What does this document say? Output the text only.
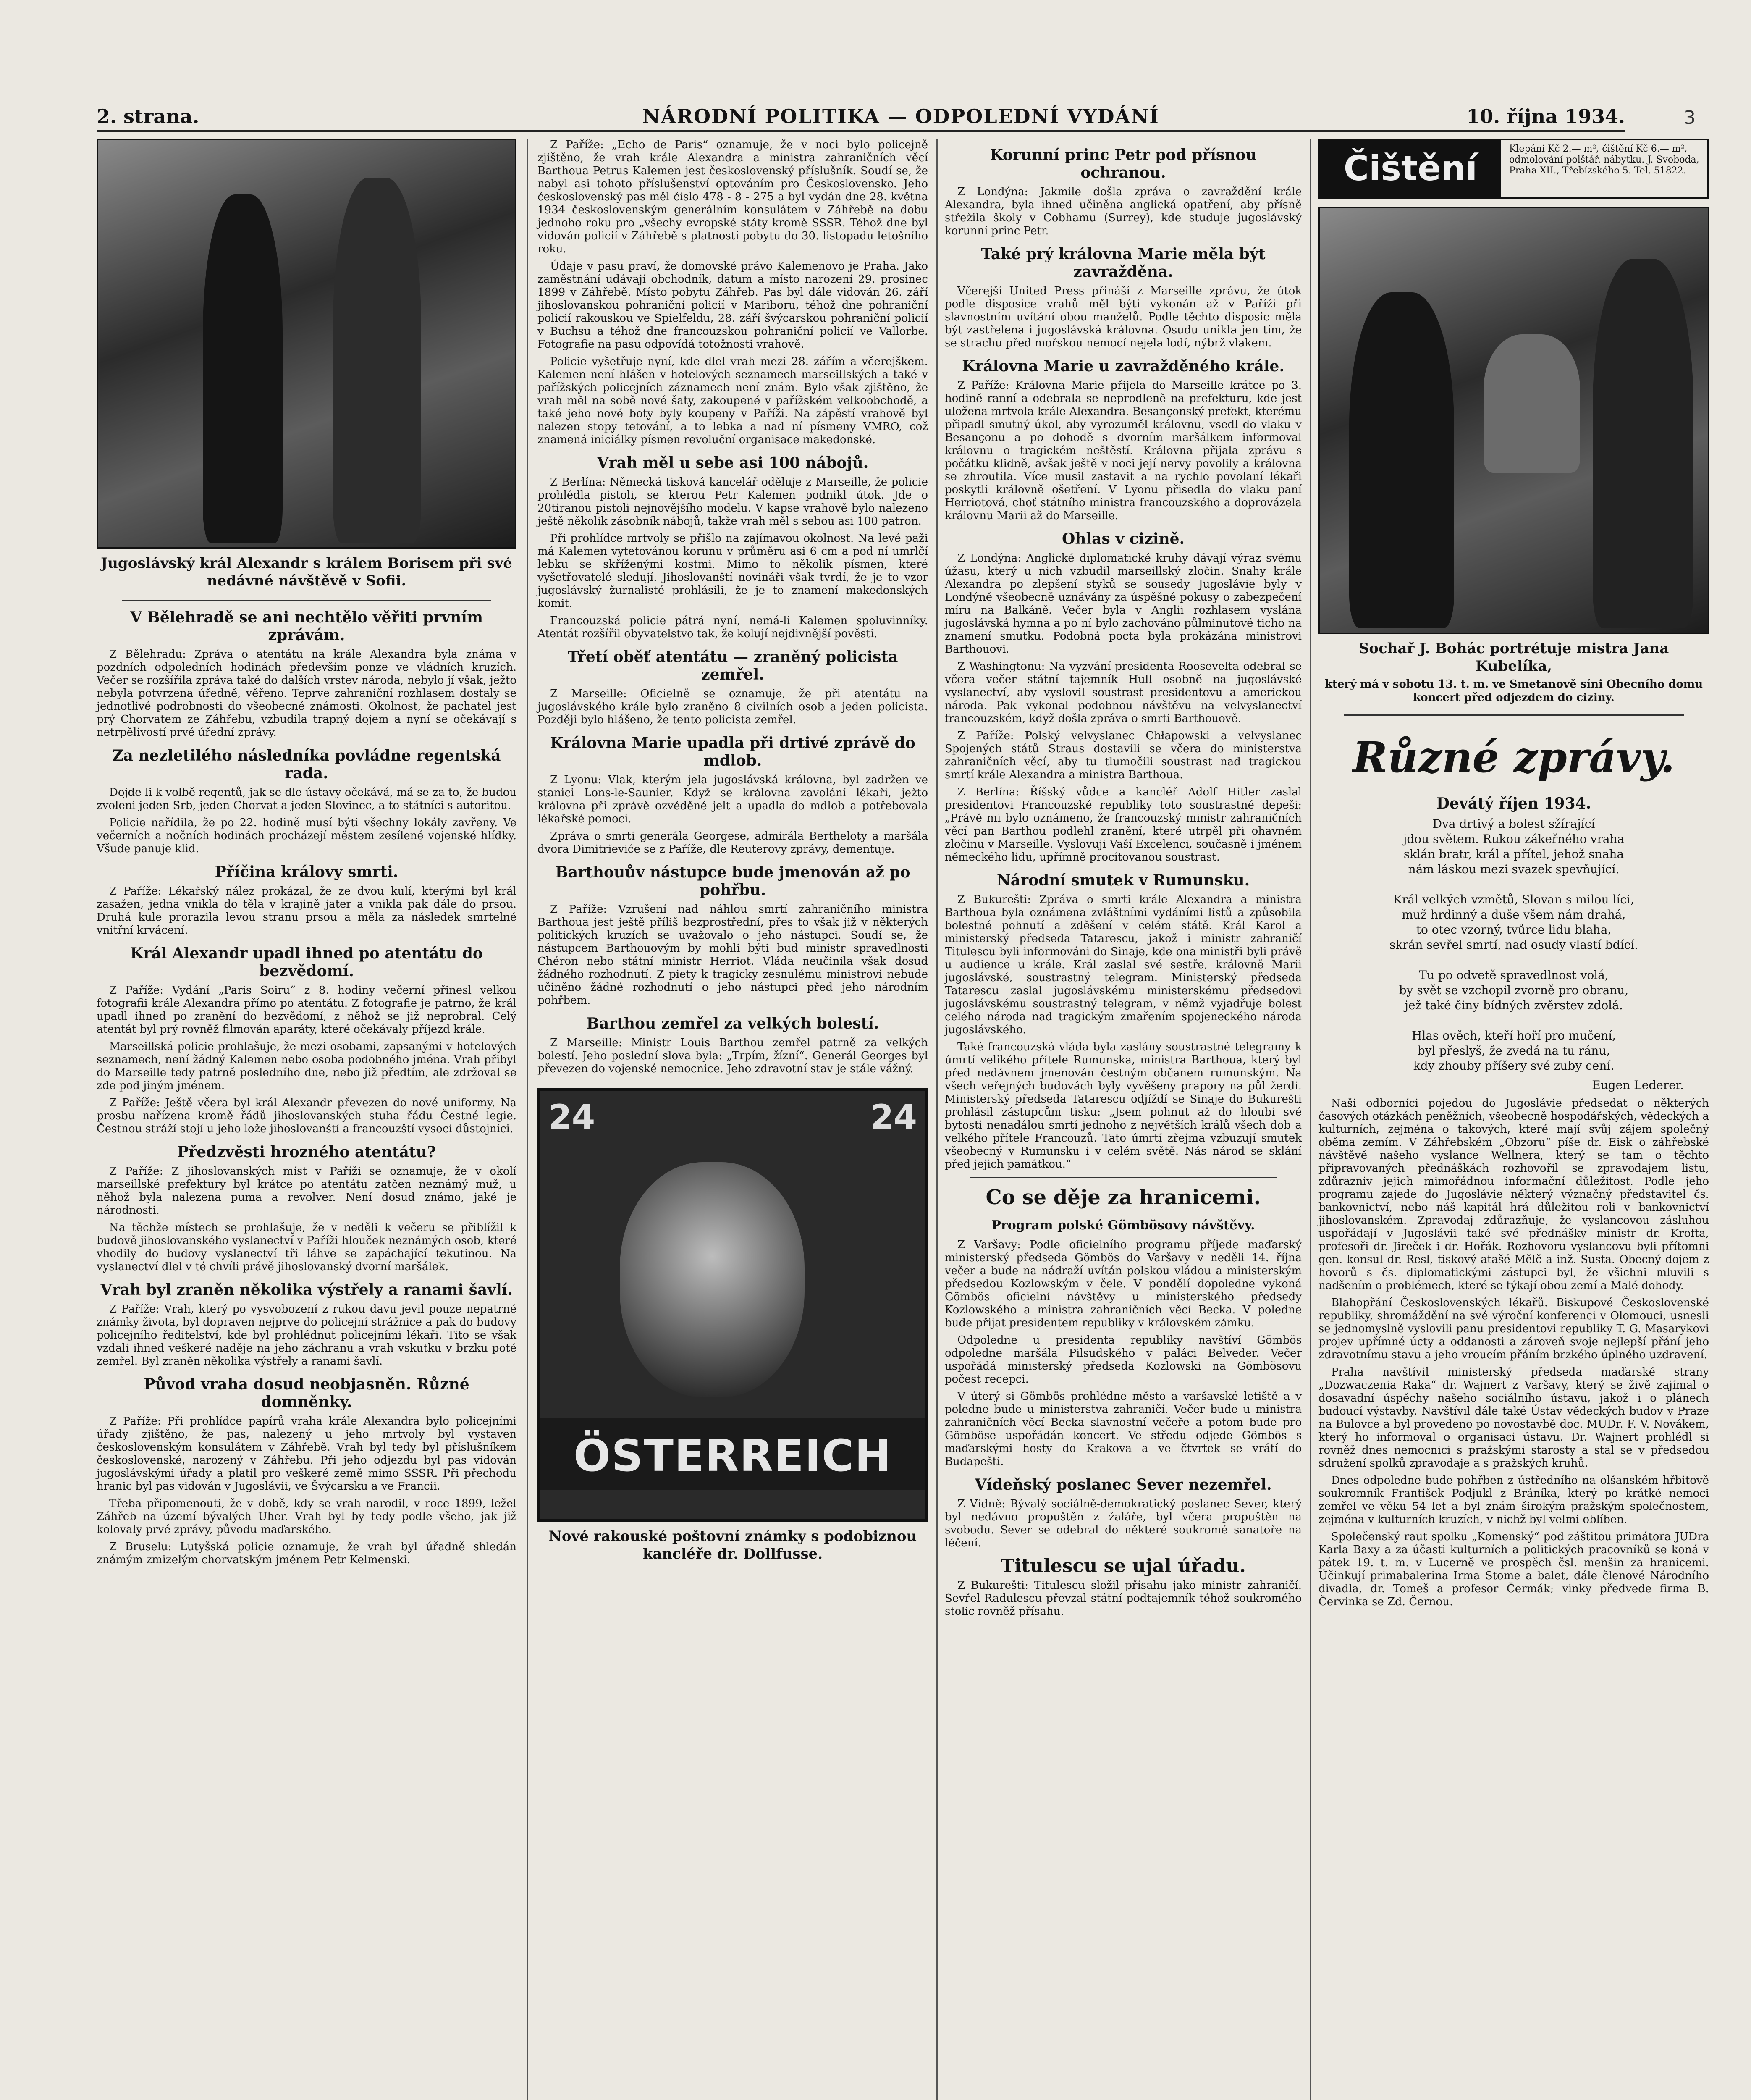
2. strana.	NÁRODNÍ POLITIKA — ODPOLEDNÍ VYDÁNÍ	10. října 1934.	3
Jugoslávský král Alexandr s králem Borisem při své nedávné návštěvě v Sofii.
V Bělehradě se ani nechtělo věřiti prvním zprávám.

Z Bělehradu: Zpráva o atentátu na krále Alexandra byla známa v pozdních odpoledních hodinách především ponze ve vládních kruzích. Večer se rozšířila zpráva také do dalších vrstev národa, nebylo jí však, ježto nebyla potvrzena úředně, věřeno. Teprve zahraniční rozhlasem dostaly se jednotlivé podrobnosti do všeobecné známosti. Okolnost, že pachatel jest prý Chorvatem ze Záhřebu, vzbudila trapný dojem a nyní se očekávají s netrpělivostí prvé úřední zprávy.

Za nezletilého následníka povládne regentská rada.

Dojde-li k volbě regentů, jak se dle ústavy očekává, má se za to, že budou zvoleni jeden Srb, jeden Chorvat a jeden Slovinec, a to státníci s autoritou.

Policie nařídila, že po 22. hodině musí býti všechny lokály zavřeny. Ve večerních a nočních hodinách procházejí městem zesílené vojenské hlídky. Všude panuje klid.

Příčina královy smrti.

Z Paříže: Lékařský nález prokázal, že ze dvou kulí, kterými byl král zasažen, jedna vnikla do těla v krajině jater a vnikla pak dále do prsou. Druhá kule prorazila levou stranu prsou a měla za následek smrtelné vnitřní krvácení.

Král Alexandr upadl ihned po atentátu do bezvědomí.

Z Paříže: Vydání „Paris Soiru“ z 8. hodiny večerní přinesl velkou fotografii krále Alexandra přímo po atentátu. Z fotografie je patrno, že král upadl ihned po zranění do bezvědomí, z něhož se již neprobral. Celý atentát byl prý rovněž filmován aparáty, které očekávaly příjezd krále.

Marseillská policie prohlašuje, že mezi osobami, zapsanými v hotelových seznamech, není žádný Kalemen nebo osoba podobného jména. Vrah přibyl do Marseille tedy patrně posledního dne, nebo již předtím, ale zdržoval se zde pod jiným jménem.

Z Paříže: Ještě včera byl král Alexandr převezen do nové uniformy. Na prosbu nařízena kromě řádů jihoslovanských stuha řádu Čestné legie. Čestnou stráží stojí u jeho lože jihoslovanští a francouzští vysocí důstojníci.

Předzvěsti hrozného atentátu?

Z Paříže: Z jihoslovanských míst v Paříži se oznamuje, že v okolí marseillské prefektury byl krátce po atentátu zatčen neznámý muž, u něhož byla nalezena puma a revolver. Není dosud známo, jaké je národnosti.

Na těchže místech se prohlašuje, že v neděli k večeru se přiblížil k budově jihoslovanského vyslanectví v Paříži hlouček neznámých osob, které vhodily do budovy vyslanectví tři láhve se zapáchající tekutinou. Na vyslanectví dlel v té chvíli právě jihoslovanský dvorní maršálek.

Vrah byl zraněn několika výstřely a ranami šavlí.

Z Paříže: Vrah, který po vysvobození z rukou davu jevil pouze nepatrné známky života, byl dopraven nejprve do policejní strážnice a pak do budovy policejního ředitelství, kde byl prohlédnut policejními lékaři. Tito se však vzdali ihned veškeré naděje na jeho záchranu a vrah vskutku v brzku poté zemřel. Byl zraněn několika výstřely a ranami šavlí.

Původ vraha dosud neobjasněn. Různé domněnky.

Z Paříže: Při prohlídce papírů vraha krále Alexandra bylo policejními úřady zjištěno, že pas, nalezený u jeho mrtvoly byl vystaven československým konsulátem v Záhřebě. Vrah byl tedy byl příslušníkem československé, narozený v Záhřebu. Při jeho odjezdu byl pas vidován jugoslávskými úřady a platil pro veškeré země mimo SSSR. Při přechodu hranic byl pas vidován v Jugoslávii, ve Švýcarsku a ve Francii.

Třeba připomenouti, že v době, kdy se vrah narodil, v roce 1899, ležel Záhřeb na území bývalých Uher. Vrah byl by tedy podle všeho, jak již kolovaly prvé zprávy, původu maďarského.

Z Bruselu: Lutyšská policie oznamuje, že vrah byl úřadně shledán známým zmizelým chorvatským jménem Petr Kelmenski.

Z Paříže: „Echo de Paris“ oznamuje, že v noci bylo policejně zjištěno, že vrah krále Alexandra a ministra zahraničních věcí Barthoua Petrus Kalemen jest československý příslušník. Soudí se, že nabyl asi tohoto příslušenství optováním pro Československo. Jeho československý pas měl číslo 478 - 8 - 275 a byl vydán dne 28. května 1934 československým generálním konsulátem v Záhřebě na dobu jednoho roku pro „všechy evropské státy kromě SSSR. Téhož dne byl vidován policií v Záhřebě s platností pobytu do 30. listopadu letošního roku.

Údaje v pasu praví, že domovské právo Kalemenovo je Praha. Jako zaměstnání udávají obchodník, datum a místo narození 29. prosinec 1899 v Záhřebě. Místo pobytu Záhřeb. Pas byl dále vidován 26. září jihoslovanskou pohraniční policií v Mariboru, téhož dne pohraniční policií rakouskou ve Spielfeldu, 28. září švýcarskou pohraniční policií v Buchsu a téhož dne francouzskou pohraniční policií ve Vallorbe. Fotografie na pasu odpovídá totožnosti vrahově.

Policie vyšetřuje nyní, kde dlel vrah mezi 28. zářím a včerejškem. Kalemen není hlášen v hotelových seznamech marseillských a také v pařížských policejních záznamech není znám. Bylo však zjištěno, že vrah měl na sobě nové šaty, zakoupené v pařížském velkoobchodě, a také jeho nové boty byly koupeny v Paříži. Na zápěstí vrahově byl nalezen stopy tetování, a to lebka a nad ní písmeny VMRO, což znamená iniciálky písmen revoluční organisace makedonské.

Vrah měl u sebe asi 100 nábojů.

Z Berlína: Německá tisková kancelář oděluje z Marseille, že policie prohlédla pistoli, se kterou Petr Kalemen podnikl útok. Jde o 20tiranou pistoli nejnovějšího modelu. V kapse vrahově bylo nalezeno ještě několik zásobník nábojů, takže vrah měl s sebou asi 100 patron.

Při prohlídce mrtvoly se přišlo na zajímavou okolnost. Na levé paži má Kalemen vytetovánou korunu v průměru asi 6 cm a pod ní umrlčí lebku se skříženými kostmi. Mimo to několik písmen, které vyšetřovatelé sledují. Jihoslovanští novináři však tvrdí, že je to vzor jugoslávský žurnalisté prohlásili, že je to znamení makedonských komit.

Francouzská policie pátrá nyní, nemá-li Kalemen spoluvinníky. Atentát rozšířil obyvatelstvo tak, že kolují nejdivnější pověsti.

Třetí oběť atentátu — zraněný policista zemřel.

Z Marseille: Oficielně se oznamuje, že při atentátu na jugoslávského krále bylo zraněno 8 civilních osob a jeden policista. Později bylo hlášeno, že tento policista zemřel.

Královna Marie upadla při drtivé zprávě do mdlob.

Z Lyonu: Vlak, kterým jela jugoslávská královna, byl zadržen ve stanici Lons-le-Saunier. Když se královna zavolání lékaři, ježto královna při zprávě ozvěděné jelt a upadla do mdlob a potřebovala lékařské pomoci.

Zpráva o smrti generála Georgese, admirála Bertheloty a maršála dvora Dimitrieviće se z Paříže, dle Reuterovy zprávy, dementuje.

Barthouův nástupce bude jmenován až po pohřbu.

Z Paříže: Vzrušení nad náhlou smrtí zahraničního ministra Barthoua jest ještě příliš bezprostřední, přes to však již v některých politických kruzích se uvažovalo o jeho nástupci. Soudí se, že nástupcem Barthouovým by mohli býti bud ministr spravedlnosti Chéron nebo státní ministr Herriot. Vláda neučinila však dosud žádného rozhodnutí. Z piety k tragicky zesnulému ministrovi nebude učiněno žádné rozhodnutí o jeho nástupci před jeho národním pohřbem.

Barthou zemřel za velkých bolestí.

Z Marseille: Ministr Louis Barthou zemřel patrně za velkých bolestí. Jeho poslední slova byla: „Trpím, žízní“. Generál Georges byl převezen do vojenské nemocnice. Jeho zdravotní stav je stále vážný.

24	24
ÖSTERREICH
Nové rakouské poštovní známky s podobiznou kancléře dr. Dollfusse.
Korunní princ Petr pod přísnou ochranou.

Z Londýna: Jakmile došla zpráva o zavraždění krále Alexandra, byla ihned učiněna anglická opatření, aby přísně střežila školy v Cobhamu (Surrey), kde studuje jugoslávský korunní princ Petr.

Také prý královna Marie měla být zavražděna.

Včerejší United Press přináší z Marseille zprávu, že útok podle disposice vrahů měl býti vykonán až v Paříži při slavnostním uvítání obou manželů. Podle těchto disposic měla být zastřelena i jugoslávská královna. Osudu unikla jen tím, že se strachu před mořskou nemocí nejela lodí, nýbrž vlakem.

Královna Marie u zavražděného krále.

Z Paříže: Královna Marie přijela do Marseille krátce po 3. hodině ranní a odebrala se neprodleně na prefekturu, kde jest uložena mrtvola krále Alexandra. Besançonský prefekt, kterému připadl smutný úkol, aby vyrozuměl královnu, vsedl do vlaku v Besançonu a po dohodě s dvorním maršálkem informoval královnu o tragickém neštěstí. Královna přijala zprávu s počátku klidně, avšak ještě v noci její nervy povolily a královna se zhroutila. Více musil zastavit a na rychlo povolaní lékaři poskytli královně ošetření. V Lyonu přisedla do vlaku paní Herriotová, choť státního ministra francouzského a doprovázela královnu Marii až do Marseille.

Ohlas v cizině.

Z Londýna: Anglické diplomatické kruhy dávají výraz svému úžasu, který u nich vzbudil marseillský zločin. Snahy krále Alexandra po zlepšení styků se sousedy Jugoslávie byly v Londýně všeobecně uznávány za úspěšné pokusy o zabezpečení míru na Balkáně. Večer byla v Anglii rozhlasem vyslána jugoslávská hymna a po ní bylo zachováno půlminutové ticho na znamení smutku. Podobná pocta byla prokázána ministrovi Barthouovi.

Z Washingtonu: Na vyzvání presidenta Roosevelta odebral se včera večer státní tajemník Hull osobně na jugoslávské vyslanectví, aby vyslovil soustrast presidentovu a americkou národa. Pak vykonal podobnou návštěvu na velvyslanectví francouzském, když došla zpráva o smrti Barthouově.

Z Paříže: Polský velvyslanec Chłapowski a velvyslanec Spojených států Straus dostavili se včera do ministerstva zahraničních věcí, aby tu tlumočili soustrast nad tragickou smrtí krále Alexandra a ministra Barthoua.

Z Berlína: Říšský vůdce a kancléř Adolf Hitler zaslal presidentovi Francouzské republiky toto soustrastné depeši: „Právě mi bylo oznámeno, že francouzský ministr zahraničních věcí pan Barthou podlehl zranění, které utrpěl při ohavném zločinu v Marseille. Vyslovuji Vaší Excelenci, současně i jménem německého lidu, upřímně procítovanou soustrast.

Národní smutek v Rumunsku.

Z Bukurešti: Zpráva o smrti krále Alexandra a ministra Barthoua byla oznámena zvláštními vydáními listů a způsobila bolestné pohnutí a zděšení v celém státě. Král Karol a ministerský předseda Tatarescu, jakož i ministr zahraničí Titulescu byli informováni do Sinaje, kde ona ministři byli právě u audience u krále. Král zaslal své sestře, královně Marii jugoslávské, soustrastný telegram. Ministerský předseda Tatarescu zaslal jugoslávskému ministerskému předsedovi jugoslávskému soustrastný telegram, v němž vyjadřuje bolest celého národa nad tragickým zmařením spojeneckého národa jugoslávského.

Také francouzská vláda byla zaslány soustrastné telegramy k úmrtí velikého přítele Rumunska, ministra Barthoua, který byl před nedávnem jmenován čestným občanem rumunským. Na všech veřejných budovách byly vyvěšeny prapory na půl žerdi. Ministerský předseda Tatarescu odjíždí se Sinaje do Bukurešti prohlásil zástupcům tisku: „Jsem pohnut až do hloubi své bytosti nenadálou smrtí jednoho z největších králů všech dob a velkého přítele Francouzů. Tato úmrtí zřejma vzbuzují smutek všeobecný v Rumunsku i v celém světě. Nás národ se sklání před jejich památkou.“

Co se děje za hranicemi.
Program polské Gömbösovy návštěvy.

Z Varšavy: Podle oficielního programu příjede maďarský ministerský předseda Gömbös do Varšavy v neděli 14. října večer a bude na nádraží uvítán polskou vládou a ministerským předsedou Kozlowským v čele. V pondělí dopoledne vykoná Gömbös oficielní návštěvy u ministerského předsedy Kozlowského a ministra zahraničních věcí Becka. V poledne bude přijat presidentem republiky v královském zámku.

Odpoledne u presidenta republiky navštíví Gömbös odpoledne maršála Pilsudského v paláci Belveder. Večer uspořádá ministerský předseda Kozlowski na Gömbösovu počest recepci.

V úterý si Gömbös prohlédne město a varšavské letiště a v poledne bude u ministerstva zahraničí. Večer bude u ministra zahraničních věcí Becka slavnostní večeře a potom bude pro Gömböse uspořádán koncert. Ve středu odjede Gömbös s maďarskými hosty do Krakova a ve čtvrtek se vrátí do Budapešti.

Vídeňský poslanec Sever nezemřel.

Z Vídně: Bývalý sociálně-demokratický poslanec Sever, který byl nedávno propuštěn z žaláře, byl včera propuštěn na svobodu. Sever se odebral do některé soukromé sanatoře na léčení.

Titulescu se ujal úřadu.

Z Bukurešti: Titulescu složil přísahu jako ministr zahraničí. Sevřel Radulescu převzal státní podtajemník téhož soukromého stolic rovněž přísahu.

Čištění	Klepání Kč 2.— m², čištění Kč 6.— m², odmolování polštář. nábytku. J. Svoboda, Praha XII., Třebízského 5. Tel. 51822.
Sochař J. Bohác portrétuje mistra Jana Kubelíka,
který má v sobotu 13. t. m. ve Smetanově síni Obecního domu koncert před odjezdem do ciziny.
Různé zprávy.
Devátý říjen 1934.
Dva drtivý a bolest sžírající
jdou světem. Rukou zákeřného vraha
sklán bratr, král a přítel, jehož snaha
nám láskou mezi svazek spevňující.

Král velkých vzmětů, Slovan s milou líci,
muž hrdinný a duše všem nám drahá,
to otec vzorný, tvůrce lidu blaha,
skrán sevřel smrtí, nad osudy vlastí bdící.

Tu po odvetě spravedlnost volá,
by svět se vzchopil zvorně pro obranu,
jež také činy bídných zvěrstev zdolá.

Hlas ověch, kteří hoří pro mučení,
byl přeslyš, že zvedá na tu ránu,
kdy zhouby příšery své zuby cení.
Eugen Lederer.

Naši odborníci pojedou do Jugoslávie předsedat o některých časových otázkách peněžních, všeobecně hospodářských, vědeckých a kulturních, zejména o takových, které mají svůj zájem společný oběma zemím. V Záhřebském „Obzoru“ píše dr. Eisk o záhřebské návštěvě našeho vyslance Wellnera, který se tam o těchto připravovaných přednáškách rozhovořil se zpravodajem listu, zdůrazniv jejich mimořádnou informační důležitost. Podle jeho programu zajede do Jugoslávie některý význačný představitel čs. bankovnictví, nebo náš kapitál hrá důležitou roli v bankovnictví jihoslovanském. Zpravodaj zdůrazňuje, že vyslancovou zásluhou uspořádají v Jugoslávii také své přednášky ministr dr. Krofta, profesoři dr. Jireček i dr. Hořák. Rozhovoru vyslancovu byli přítomni gen. konsul dr. Resl, tiskový atašé Mělč a inž. Susta. Obecný dojem z hovorů s čs. diplomatickými zástupci byl, že všichni mluvili s nadšením o problémech, které se týkají obou zemí a Malé dohody.

Blahopřání Československých lékařů. Biskupové Československé republiky, shromáždění na své výroční konferenci v Olomouci, usnesli se jednomyslně vyslovili panu presidentovi republiky T. G. Masarykovi projev upřímné úcty a oddanosti a zároveň svoje nejlepší přání jeho zdravotnímu stavu a jeho vroucím přáním brzkého úplného uzdravení.

Praha navštívil ministerský předseda maďarské strany „Dozwaczenia Raka“ dr. Wajnert z Varšavy, který se živě zajímal o dosavadní úspěchy našeho sociálního ústavu, jakož i o plánech budoucí výstavby. Navštívil dále také Ústav vědeckých budov v Praze na Bulovce a byl provedeno po novostavbě doc. MUDr. F. V. Novákem, který ho informoval o organisaci ústavu. Dr. Wajnert prohlédl si rovněž dnes nemocnici s pražskými starosty a stal se v předsedou sdružení spolků zpravodaje a s pražských kruhů.

Dnes odpoledne bude pohřben z ústředního na olšanském hřbitově soukromník František Podjukl z Bráníka, který po krátké nemoci zemřel ve věku 54 let a byl znám širokým pražským společnostem, zejména v kulturních kruzích, v nichž byl velmi oblíben.

Společenský raut spolku „Komenský“ pod záštitou primátora JUDra Karla Baxy a za účasti kulturních a politických pracovníků se koná v pátek 19. t. m. v Lucerně ve prospěch čsl. menšin za hranicemi. Účinkují primabalerina Irma Stome a balet, dále členové Národního divadla, dr. Tomeš a profesor Čermák; vinky předvede firma B. Červinka se Zd. Černou.
